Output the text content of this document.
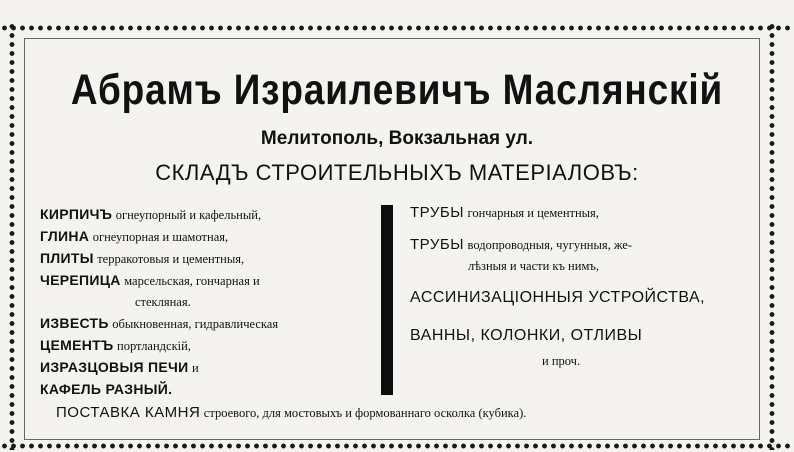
Абрамъ Израилевичъ Маслянскій
Мелитополь, Вокзальная ул.
СКЛАДЪ СТРОИТЕЛЬНЫХЪ МАТЕРІАЛОВЪ:
КИРПИЧЪ огнеупорный и кафельный,
ГЛИНА огнеупорная и шамотная,
ПЛИТЫ терракотовыя и цементныя,
ЧЕРЕПИЦА марсельская, гончарная и
стекляная.
ИЗВЕСТЬ обыкновенная, гидравлическая
ЦЕМЕНТЪ портландскій,
ИЗРАЗЦОВЫЯ ПЕЧИ и
КАФЕЛЬ РАЗНЫЙ.
ТРУБЫ гончарныя и цементныя,
ТРУБЫ водопроводныя, чугунныя, же-
лѣзныя и части къ нимъ,
АССИНИЗАЦІОННЫЯ УСТРОЙСТВА,
ВАННЫ, КОЛОНКИ, ОТЛИВЫ
и проч.
ПОСТАВКА КАМНЯ строевого, для мостовыхъ и формованнаго осколка (кубика).
